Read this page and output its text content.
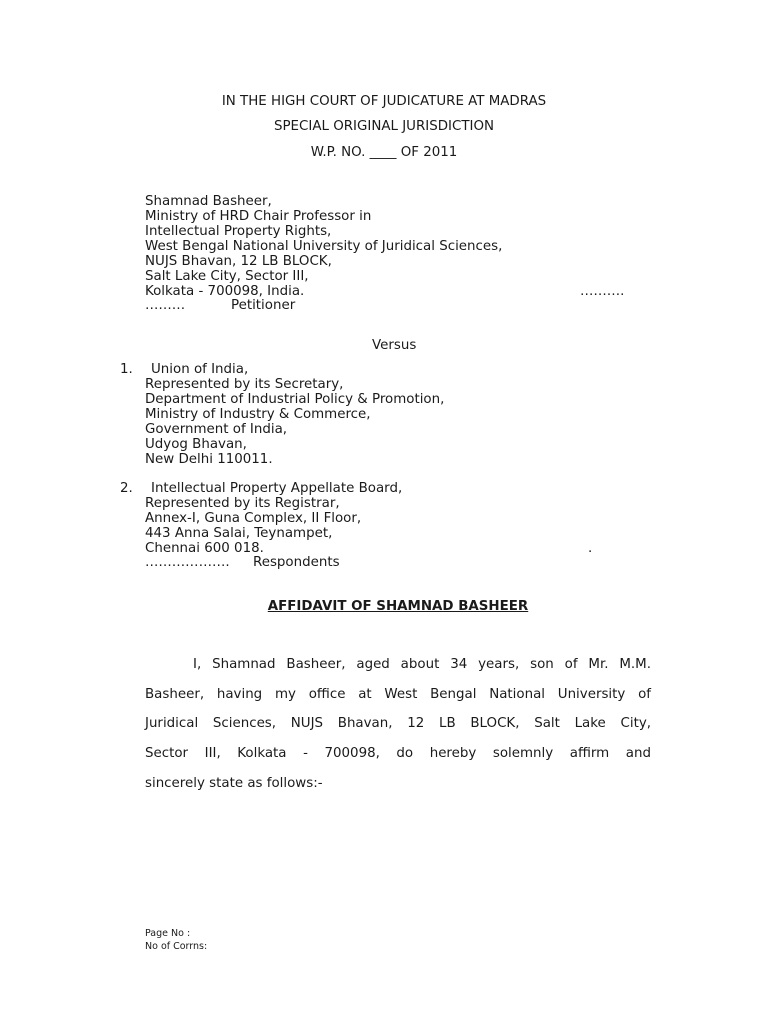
IN THE HIGH COURT OF JUDICATURE AT MADRAS
SPECIAL ORIGINAL JURISDICTION
W.P. NO. ____ OF 2011
Shamnad Basheer,
Ministry of HRD Chair Professor in
Intellectual Property Rights,
West Bengal National University of Juridical Sciences,
NUJS Bhavan, 12 LB BLOCK,
Salt Lake City, Sector III,
Kolkata - 700098, India.	……….
………	Petitioner
Versus
1. Union of India,
Represented by its Secretary,
Department of Industrial Policy & Promotion,
Ministry of Industry & Commerce,
Government of India,
Udyog Bhavan,
New Delhi 110011.
2. Intellectual Property Appellate Board,
Represented by its Registrar,
Annex-I, Guna Complex, II Floor,
443 Anna Salai, Teynampet,
Chennai 600 018.	.
………………. Respondents
AFFIDAVIT OF SHAMNAD BASHEER
I, Shamnad Basheer, aged about 34 years, son of Mr. M.M.
Basheer, having my office at West Bengal National University of
Juridical Sciences, NUJS Bhavan, 12 LB BLOCK, Salt Lake City,
Sector III, Kolkata - 700098, do hereby solemnly affirm and
sincerely state as follows:-
Page No :
No of Corrns:
